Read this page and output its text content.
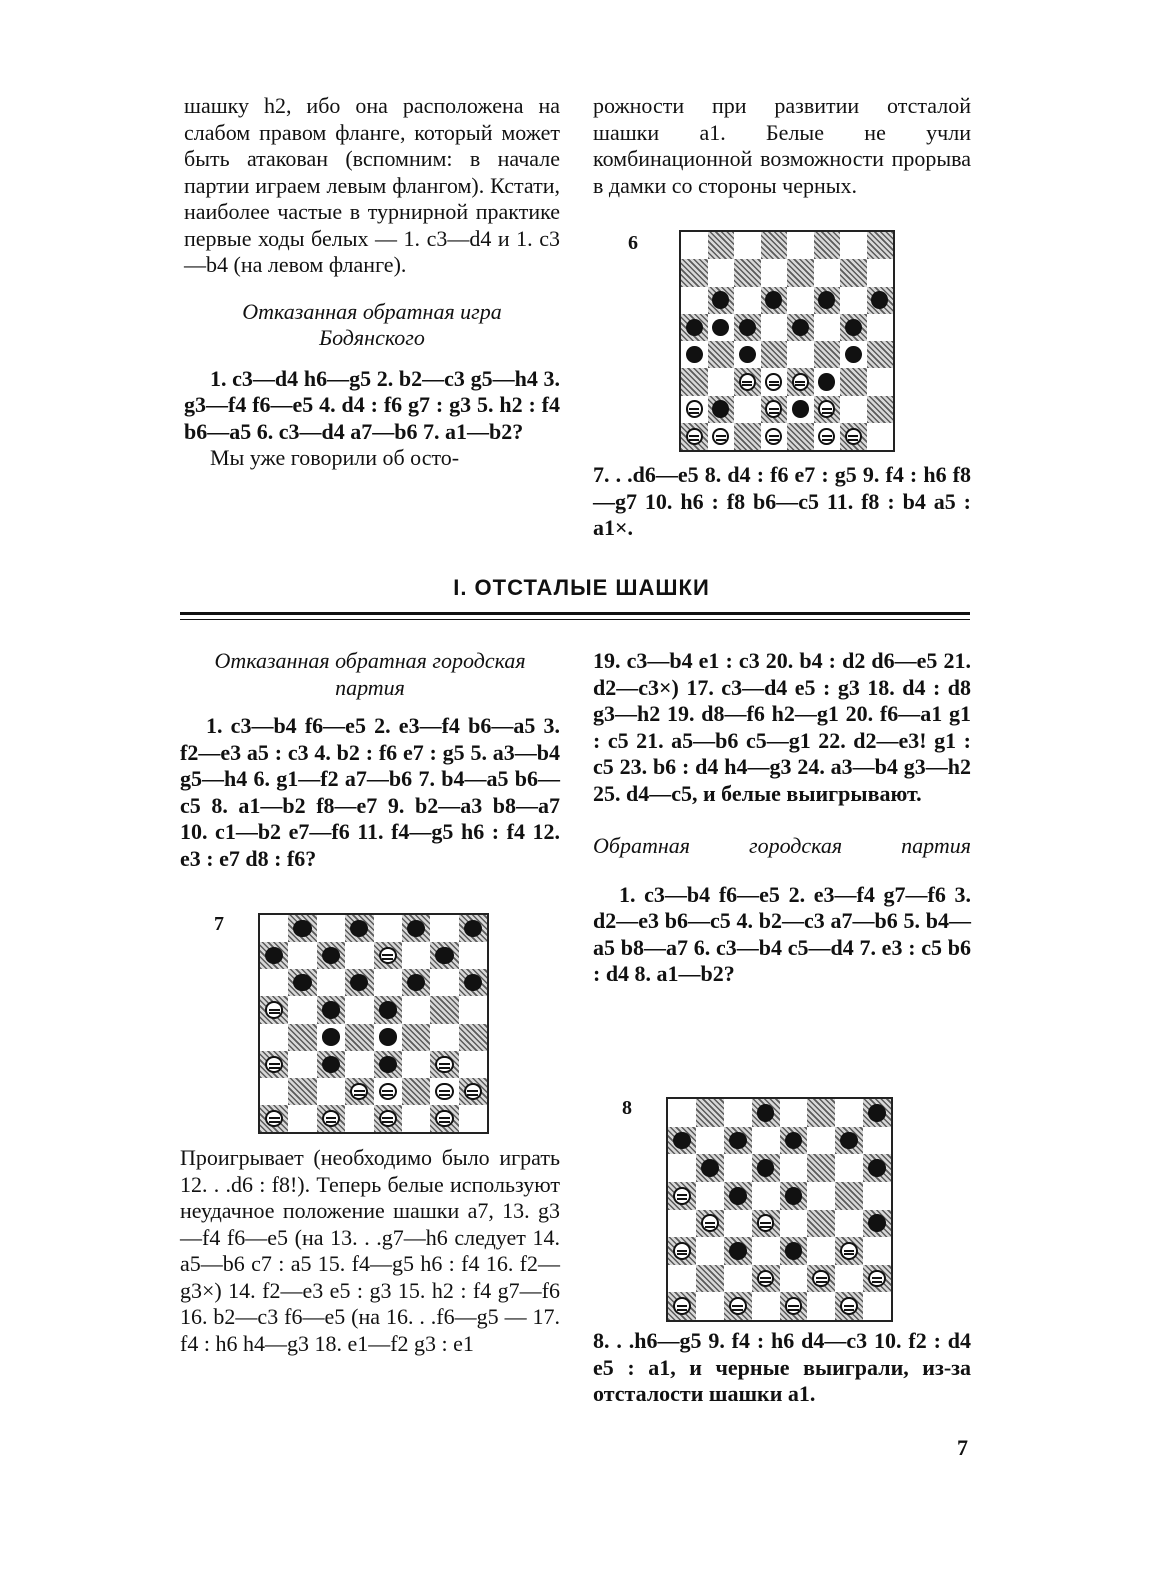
шашку h2, ибо она расположена на слабом правом фланге, который может быть атакован (вспомним: в начале партии играем левым флангом). Кстати, наиболее частые в турнирной практике первые ходы белых — 1. c3—d4 и 1. c3—b4 (на левом фланге).

Отказанная обратная игра Бодянского

1. c3—d4 h6—g5 2. b2—c3 g5—h4 3. g3—f4 f6—e5 4. d4 : f6 g7 : g3 5. h2 : f4 b6—a5 6. c3—d4 a7—b6 7. a1—b2?

Мы уже говорили об осто-

рожности при развитии отсталой шашки a1. Белые не учли комбинационной возможности прорыва в дамки со стороны черных.

6

7. . .d6—e5 8. d4 : f6 e7 : g5 9. f4 : h6 f8—g7 10. h6 : f8 b6—c5 11. f8 : b4 a5 : a1×.

I. ОТСТАЛЫЕ ШАШКИ

Отказанная обратная городская партия

1. c3—b4 f6—e5 2. e3—f4 b6—a5 3. f2—e3 a5 : c3 4. b2 : f6 e7 : g5 5. a3—b4 g5—h4 6. g1—f2 a7—b6 7. b4—a5 b6—c5 8. a1—b2 f8—e7 9. b2—a3 b8—a7 10. c1—b2 e7—f6 11. f4—g5 h6 : f4 12. e3 : e7 d8 : f6?

7

Проигрывает (необходимо было играть 12. . .d6 : f8!). Теперь белые используют неудачное положение шашки a7, 13. g3—f4 f6—e5 (на 13. . .g7—h6 следует 14. a5—b6 c7 : a5 15. f4—g5 h6 : f4 16. f2—g3×) 14. f2—e3 e5 : g3 15. h2 : f4 g7—f6 16. b2—c3 f6—e5 (на 16. . .f6—g5 — 17. f4 : h6 h4—g3 18. e1—f2 g3 : e1

19. c3—b4 e1 : c3 20. b4 : d2 d6—e5 21. d2—c3×) 17. c3—d4 e5 : g3 18. d4 : d8 g3—h2 19. d8—f6 h2—g1 20. f6—a1 g1 : c5 21. a5—b6 c5—g1 22. d2—e3! g1 : c5 23. b6 : d4 h4—g3 24. a3—b4 g3—h2 25. d4—c5, и белые выигрывают.

Обратная городская партия

1. c3—b4 f6—e5 2. e3—f4 g7—f6 3. d2—e3 b6—c5 4. b2—c3 a7—b6 5. b4—a5 b8—a7 6. c3—b4 c5—d4 7. e3 : c5 b6 : d4 8. a1—b2?

8

8. . .h6—g5 9. f4 : h6 d4—c3 10. f2 : d4 e5 : a1, и черные выиграли, из-за отсталости шашки a1.

7
